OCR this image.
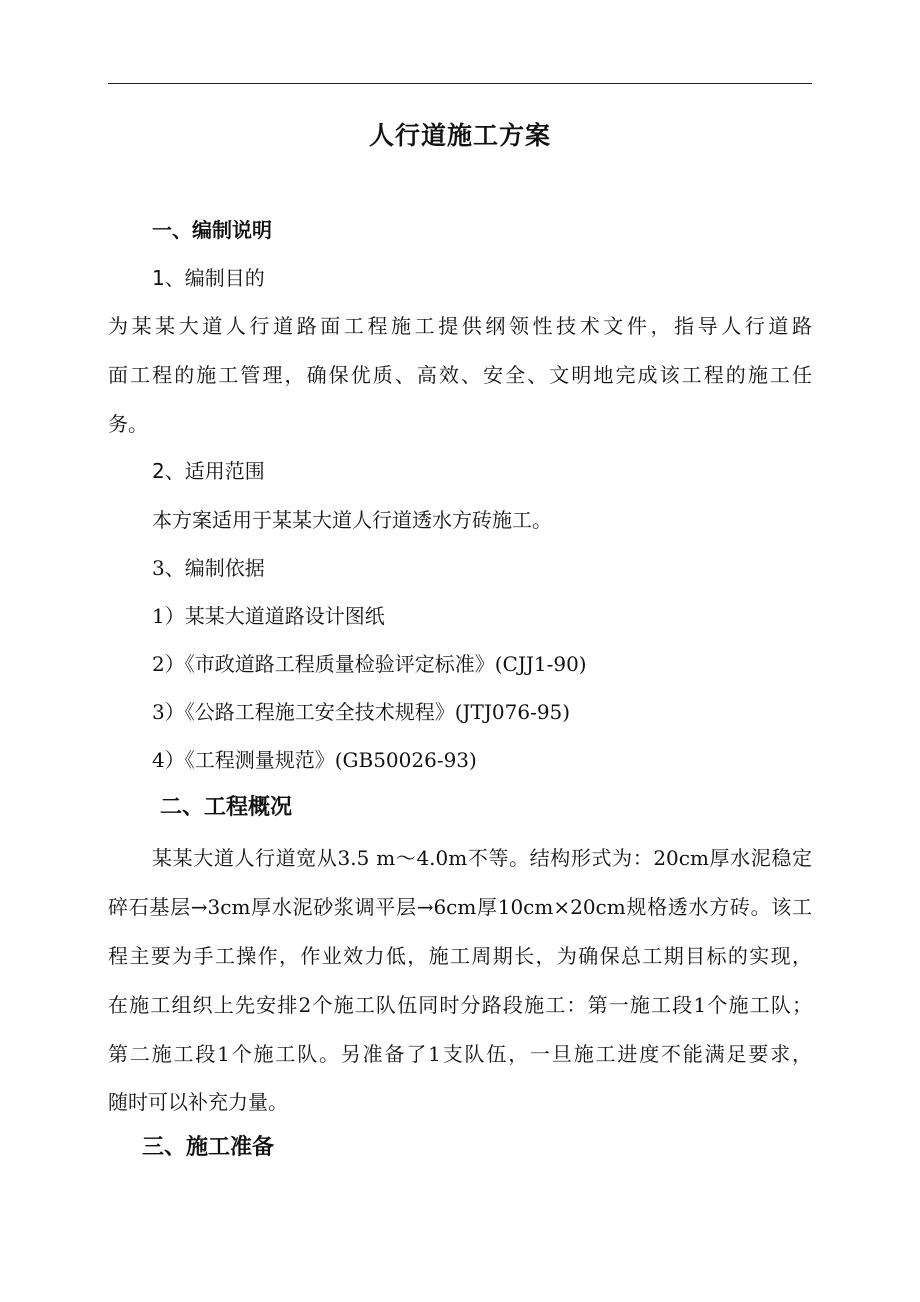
人行道施工方案
一、编制说明
1、编制目的
为某某大道人行道路面工程施工提供纲领性技术文件，指导人行道路
面工程的施工管理，确保优质、高效、安全、文明地完成该工程的施工任
务。
2、适用范围
本方案适用于某某大道人行道透水方砖施工。
3、编制依据
1）某某大道道路设计图纸
2）《市政道路工程质量检验评定标准》(CJJ1-90)
3）《公路工程施工安全技术规程》(JTJ076-95)
4）《工程测量规范》(GB50026-93)
二、工程概况
某某大道人行道宽从3.5 m～4.0m不等。结构形式为：20cm厚水泥稳定
碎石基层→3cm厚水泥砂浆调平层→6cm厚10cm×20cm规格透水方砖。该工
程主要为手工操作，作业效力低，施工周期长，为确保总工期目标的实现，
在施工组织上先安排2个施工队伍同时分路段施工：第一施工段1个施工队；
第二施工段1个施工队。另准备了1支队伍，一旦施工进度不能满足要求，
随时可以补充力量。
三、施工准备
